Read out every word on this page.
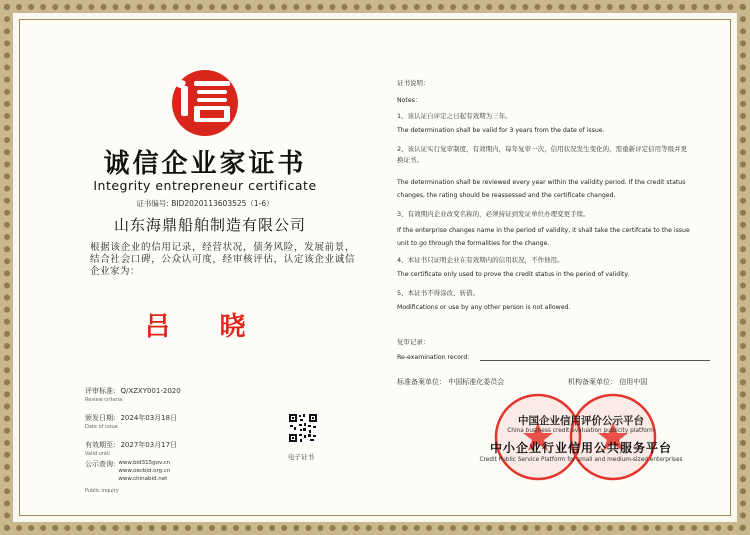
诚信企业家证书
Integrity entrepreneur certificate
证书编号: BID2020113603525（1-6）
山东海鼎船舶制造有限公司
根据该企业的信用记录，经营状况，债务风险，发展前景，结合社会口碑，公众认可度，经审核评估，认定该企业诚信企业家为：
吕 晓
评审标准: Q/XZXY001-2020
Review criteria
颁发日期: 2024年03月18日
Date of issue
有效期至: 2027年03月17日
Valid until
公示查询: www.bid315gov.cn
www.oecbid.org.cn
www.chinabid.net
Public inquiry
电子证书
证书说明：
Notes：
1、该认证自评定之日起有效期为三年。
The determination shall be valid for 3 years from the date of issue.
2、该认证实行复审制度，有效期内，每年复审一次，信用状况发生变化的，需重新评定信用等级并更换证书。
The determination shall be reviewed every year within the validity period. If the credit status changes, the rating should be reassessed and the certificate changed.
3、有效期内企业改变名称的，必须持证到发证单位办理变更手续。
If the enterprise changes name in the period of validity, it shall take the certifcate to the issue unit to go through the formalities for the change.
4、本证书只证明企业在有效期内的信用状况，不作他用。
The certificate only used to prove the credit status in the period of validity.
5、本证书不得涂改、转借。
Modifications or use by any other person is not allowed.
复审记录：
Re-examination record：
标准备案单位： 中国标准化委员会	机构备案单位： 信用中国
中国企业信用评价公示平台
China business credit evaluation publicity platform
中小企业行业信用公共服务平台
Credit Public Service Platform for small and medium-sized enterprises
